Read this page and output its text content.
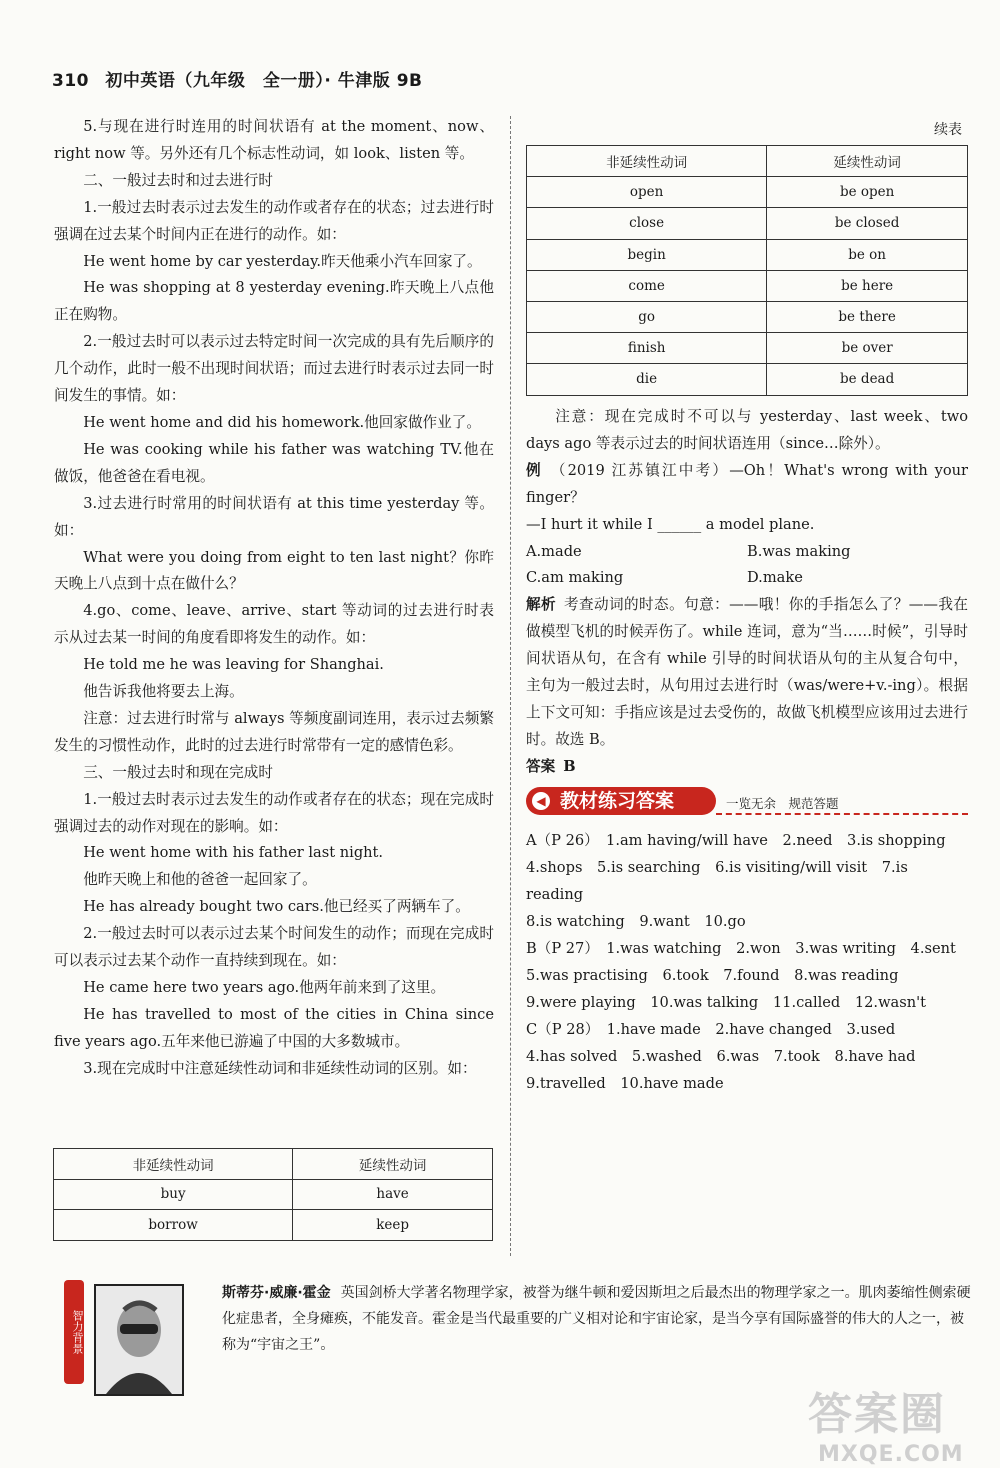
310 初中英语（九年级　全一册）· 牛津版 9B

5.与现在进行时连用的时间状语有 at the moment、now、right now 等。另外还有几个标志性动词，如 look、listen 等。

二、一般过去时和过去进行时

1.一般过去时表示过去发生的动作或者存在的状态；过去进行时强调在过去某个时间内正在进行的动作。如：

He went home by car yesterday.昨天他乘小汽车回家了。

He was shopping at 8 yesterday evening.昨天晚上八点他正在购物。

2.一般过去时可以表示过去特定时间一次完成的具有先后顺序的几个动作，此时一般不出现时间状语；而过去进行时表示过去同一时间发生的事情。如：

He went home and did his homework.他回家做作业了。

He was cooking while his father was watching TV.他在做饭，他爸爸在看电视。

3.过去进行时常用的时间状语有 at this time yesterday 等。如：

What were you doing from eight to ten last night？你昨天晚上八点到十点在做什么？

4.go、come、leave、arrive、start 等动词的过去进行时表示从过去某一时间的角度看即将发生的动作。如：

He told me he was leaving for Shanghai.

他告诉我他将要去上海。

注意：过去进行时常与 always 等频度副词连用，表示过去频繁发生的习惯性动作，此时的过去进行时常带有一定的感情色彩。

三、一般过去时和现在完成时

1.一般过去时表示过去发生的动作或者存在的状态；现在完成时强调过去的动作对现在的影响。如：

He went home with his father last night.

他昨天晚上和他的爸爸一起回家了。

He has already bought two cars.他已经买了两辆车了。

2.一般过去时可以表示过去某个时间发生的动作；而现在完成时可以表示过去某个动作一直持续到现在。如：

He came here two years ago.他两年前来到了这里。

He has travelled to most of the cities in China since five years ago.五年来他已游遍了中国的大多数城市。

3.现在完成时中注意延续性动词和非延续性动词的区别。如：

非延续性动词	延续性动词
buy	have
borrow	keep
续表
非延续性动词	延续性动词
open	be open
close	be closed
begin	be on
come	be here
go	be there
finish	be over
die	be dead

注意：现在完成时不可以与 yesterday、last week、two days ago 等表示过去的时间状语连用（since…除外）。

例 （2019 江苏镇江中考）—Oh！What's wrong with your finger？

—I hurt it while I ______ a model plane.

A.made	B.was making
C.am making	D.make

解析 考查动词的时态。句意：——哦！你的手指怎么了？——我在做模型飞机的时候弄伤了。while 连词，意为“当……时候”，引导时间状语从句，在含有 while 引导的时间状语从句的主从复合句中，主句为一般过去时，从句用过去进行时（was/were+v.-ing）。根据上下文可知：手指应该是过去受伤的，故做飞机模型应该用过去进行时。故选 B。

答案 B

◀ 教材练习答案	一览无余　规范答题
A（P 26）　1.am having/will have　2.need　3.is shopping
4.shops　5.is searching　6.is visiting/will visit　7.is reading
8.is watching　9.want　10.go
B（P 27）　1.was watching　2.won　3.was writing　4.sent
5.was practising　6.took　7.found　8.was reading
9.were playing　10.was talking　11.called　12.wasn't
C（P 28）　1.have made　2.have changed　3.used
4.has solved　5.washed　6.was　7.took　8.have had
9.travelled　10.have made
智力背景
斯蒂芬·威廉·霍金 英国剑桥大学著名物理学家，被誉为继牛顿和爱因斯坦之后最杰出的物理学家之一。肌肉萎缩性侧索硬化症患者，全身瘫痪，不能发音。霍金是当代最重要的广义相对论和宇宙论家，是当今享有国际盛誉的伟大的人之一，被称为“宇宙之王”。
答案圈
MXQE.COM
